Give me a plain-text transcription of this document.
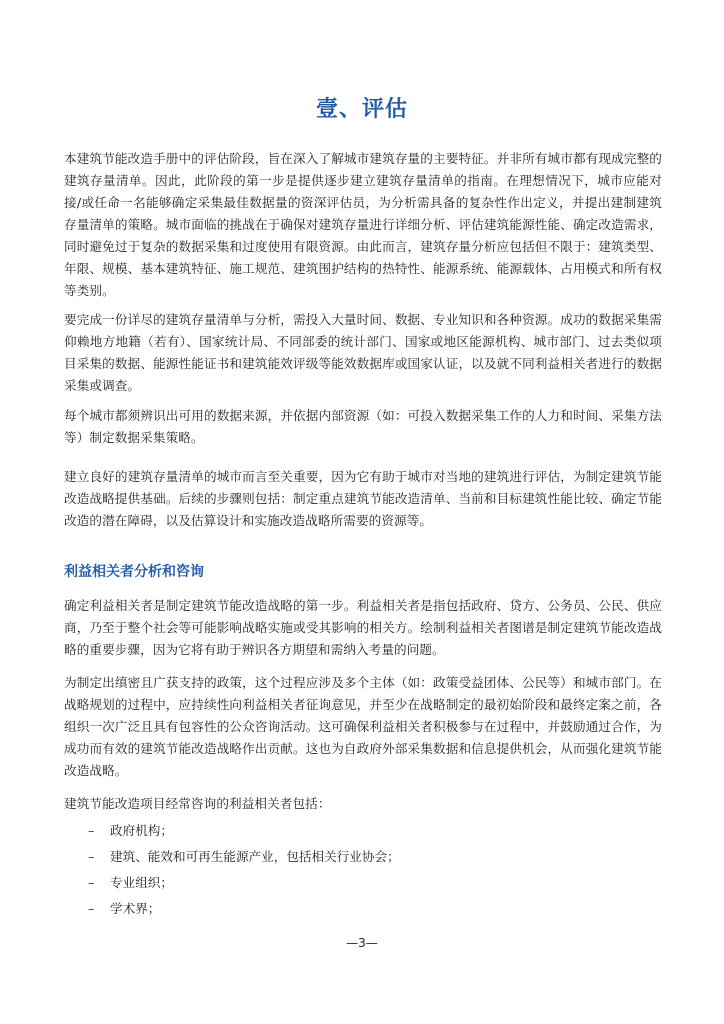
壹、评估

本建筑节能改造手册中的评估阶段，旨在深入了解城市建筑存量的主要特征。并非所有城市都有现成完整的建筑存量清单。因此，此阶段的第一步是提供逐步建立建筑存量清单的指南。在理想情况下，城市应能对接/或任命一名能够确定采集最佳数据量的资深评估员，为分析需具备的复杂性作出定义，并提出建制建筑存量清单的策略。城市面临的挑战在于确保对建筑存量进行详细分析、评估建筑能源性能、确定改造需求，同时避免过于复杂的数据采集和过度使用有限资源。由此而言，建筑存量分析应包括但不限于：建筑类型、年限、规模、基本建筑特征、施工规范、建筑围护结构的热特性、能源系统、能源载体、占用模式和所有权等类别。

要完成一份详尽的建筑存量清单与分析，需投入大量时间、数据、专业知识和各种资源。成功的数据采集需仰赖地方地籍（若有）、国家统计局、不同部委的统计部门、国家或地区能源机构、城市部门、过去类似项目采集的数据、能源性能证书和建筑能效评级等能效数据库或国家认证，以及就不同利益相关者进行的数据采集或调查。

每个城市都须辨识出可用的数据来源，并依据内部资源（如：可投入数据采集工作的人力和时间、采集方法等）制定数据采集策略。

建立良好的建筑存量清单的城市而言至关重要，因为它有助于城市对当地的建筑进行评估，为制定建筑节能改造战略提供基础。后续的步骤则包括：制定重点建筑节能改造清单、当前和目标建筑性能比较、确定节能改造的潜在障碍，以及估算设计和实施改造战略所需要的资源等。

利益相关者分析和咨询

确定利益相关者是制定建筑节能改造战略的第一步。利益相关者是指包括政府、贷方、公务员、公民、供应商，乃至于整个社会等可能影响战略实施或受其影响的相关方。绘制利益相关者图谱是制定建筑节能改造战略的重要步骤，因为它将有助于辨识各方期望和需纳入考量的问题。

为制定出缜密且广获支持的政策，这个过程应涉及多个主体（如：政策受益团体、公民等）和城市部门。在战略规划的过程中，应持续性向利益相关者征询意见，并至少在战略制定的最初始阶段和最终定案之前，各组织一次广泛且具有包容性的公众咨询活动。这可确保利益相关者积极参与在过程中，并鼓励通过合作，为成功而有效的建筑节能改造战略作出贡献。这也为自政府外部采集数据和信息提供机会，从而强化建筑节能改造战略。

建筑节能改造项目经常咨询的利益相关者包括：

– 政府机构；
– 建筑、能效和可再生能源产业，包括相关行业协会；
– 专业组织；
– 学术界；
—3—
